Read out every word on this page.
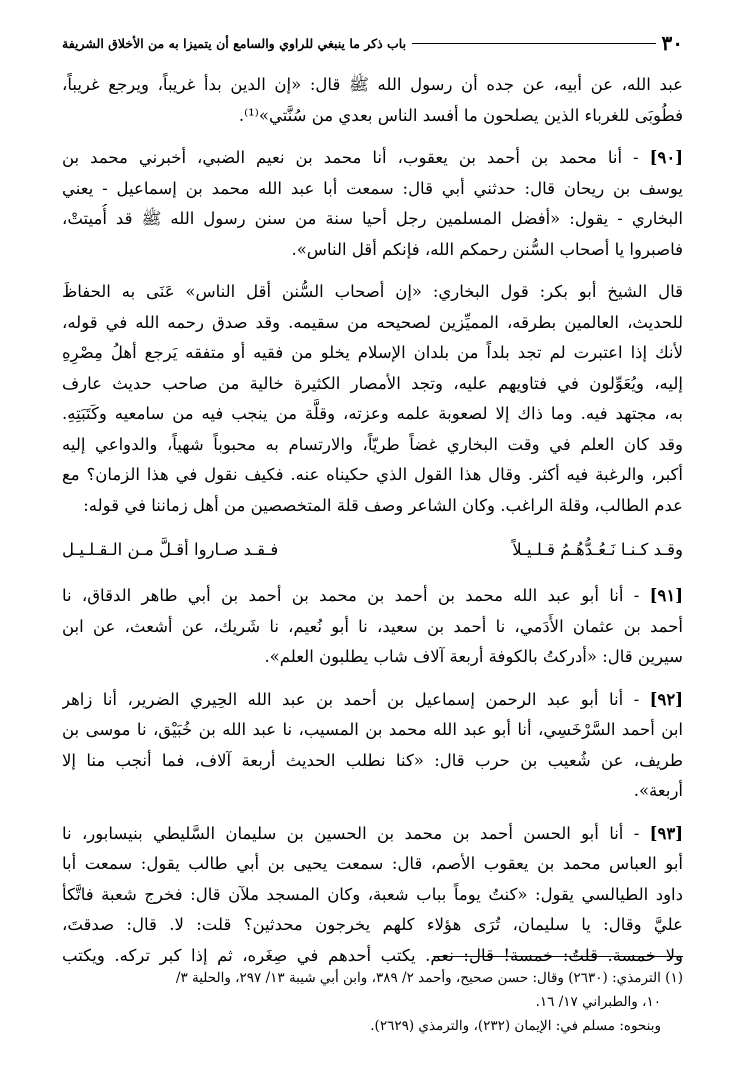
٣٠
باب ذكر ما ينبغي للراوي والسامع أن يتميزا به من الأخلاق الشريفة
عبد الله، عن أبيه، عن جده أن رسول الله ﷺ قال: «إن الدين بدأ غريباً، ويرجع غريباً،
فطُوبَى للغرباء الذين يصلحون ما أفسد الناس بعدي من سُنَّتي»⁽¹⁾.
[٩٠] - أنا محمد بن أحمد بن يعقوب، أنا محمد بن نعيم الضبي، أخبرني محمد بن
يوسف بن ريحان قال: حدثني أبي قال: سمعت أبا عبد الله محمد بن إسماعيل - يعني
البخاري - يقول: «أفضل المسلمين رجل أحيا سنة من سنن رسول الله ﷺ قد أُميتتْ،
فاصبروا يا أصحاب السُّنن رحمكم الله، فإنكم أقل الناس».
قال الشيخ أبو بكر: قول البخاري: «إن أصحاب السُّنن أقل الناس» عَنَى به الحفاظَ
للحديث، العالمين بطرقه، المميِّزين لصحيحه من سقيمه. وقد صدق رحمه الله في قوله،
لأنك إذا اعتبرت لم تجد بلداً من بلدان الإسلام يخلو من فقيه أو متفقه يَرجع أهلُ مِصْرِهِ
إليه، ويُعَوِّلون في فتاويهم عليه، وتجد الأمصار الكثيرة خالية من صاحب حديث عارف
به، مجتهد فيه. وما ذاك إلا لصعوبة علمه وعزته، وقلَّة من ينجب فيه من سامعيه وكَتَبَتِهِ.
وقد كان العلم في وقت البخاري غضاً طريّاً، والارتسام به محبوباً شهياً، والدواعي إليه
أكبر، والرغبة فيه أكثر. وقال هذا القول الذي حكيناه عنه. فكيف نقول في هذا الزمان؟ مع
عدم الطالب، وقلة الراغب. وكان الشاعر وصف قلة المتخصصين من أهل زماننا في قوله:
وقـد كـنـا نَـعُـدُّهُـمُ قـلـيـلاً
فـقـد صـاروا أقـلَّ مـن الـقـلـيـل
[٩١] - أنا أبو عبد الله محمد بن أحمد بن محمد بن أحمد بن أبي طاهر الدقاق، نا
أحمد بن عثمان الأَدَمي، نا أحمد بن سعيد، نا أبو نُعيم، نا شَريك، عن أشعث، عن ابن
سيرين قال: «أدركتُ بالكوفة أربعة آلاف شاب يطلبون العلم».
[٩٢] - أنا أبو عبد الرحمن إسماعيل بن أحمد بن عبد الله الحِيري الضرير، أنا زاهر
ابن أحمد السَّرْخَسِي، أنا أبو عبد الله محمد بن المسيب، نا عبد الله بن خُبَيْق، نا موسى بن
طريف، عن شُعيب بن حرب قال: «كنا نطلب الحديث أربعة آلاف، فما أنجب منا إلا
أربعة».
[٩٣] - أنا أبو الحسن أحمد بن محمد بن الحسين بن سليمان السَّليطي بنيسابور، نا
أبو العباس محمد بن يعقوب الأصم، قال: سمعت يحيى بن أبي طالب يقول: سمعت أبا
داود الطيالسي يقول: «كنتُ يوماً بباب شعبة، وكان المسجد ملآن قال: فخرج شعبة فاتَّكأ
عليَّ وقال: يا سليمان، تُرَى هؤلاء كلهم يخرجون محدثين؟ قلت: لا. قال: صدقتَ،
ولا خمسة. قلتُ: خمسة! قال: نعم. يكتب أحدهم في صِغَره، ثم إذا كبر تركه. ويكتب
(١) الترمذي: (٢٦٣٠) وقال: حسن صحيح، وأحمد ٢/ ٣٨٩، وابن أبي شيبة ١٣/ ٢٩٧، والحلية ٣/
١٠، والطبراني ١٧/ ١٦.
وبنحوه: مسلم في: الإيمان (٢٣٢)، والترمذي (٢٦٢٩).
